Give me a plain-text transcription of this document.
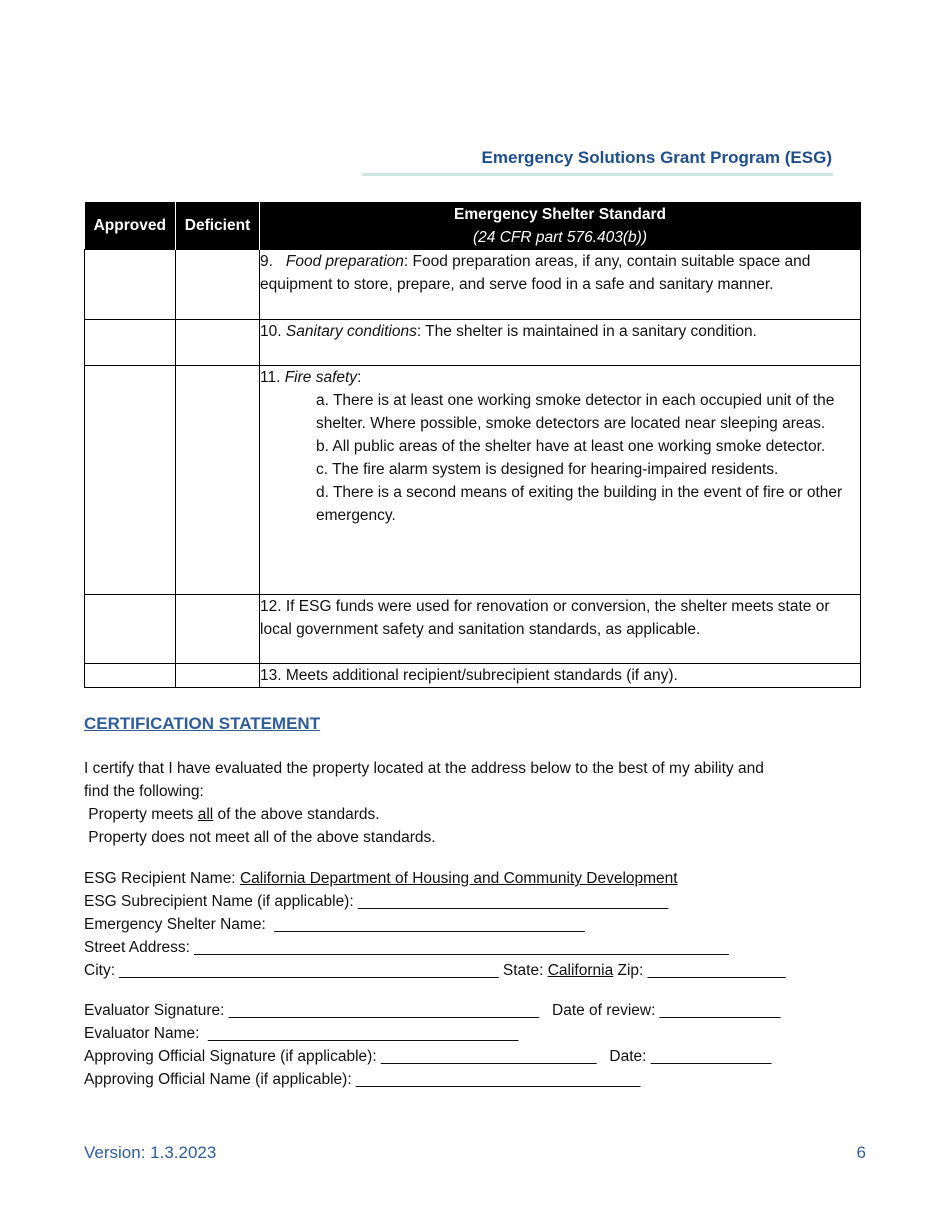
Emergency Solutions Grant Program (ESG)
Approved	Deficient	Emergency Shelter Standard
(24 CFR part 576.403(b))

		9.   Food preparation: Food preparation areas, if any, contain suitable space and equipment to store, prepare, and serve food in a safe and sanitary manner.
		10. Sanitary conditions: The shelter is maintained in a sanitary condition.

		11. Fire safety:
a. There is at least one working smoke detector in each occupied unit of the shelter. Where possible, smoke detectors are located near sleeping areas.
b. All public areas of the shelter have at least one working smoke detector.
c. The fire alarm system is designed for hearing-impaired residents.
d. There is a second means of exiting the building in the event of fire or other emergency.

		12. If ESG funds were used for renovation or conversion, the shelter meets state or local government safety and sanitation standards, as applicable.
		13. Meets additional recipient/subrecipient standards (if any).
CERTIFICATION STATEMENT
I certify that I have evaluated the property located at the address below to the best of my ability and
find the following:
Property meets all of the above standards.
Property does not meet all of the above standards.
ESG Recipient Name: California Department of Housing and Community Development
ESG Subrecipient Name (if applicable): ____________________________________
Emergency Shelter Name:  ____________________________________
Street Address: ______________________________________________________________
City: ____________________________________________ State: California Zip: ________________
Evaluator Signature: ____________________________________   Date of review: ______________
Evaluator Name:  ____________________________________
Approving Official Signature (if applicable): _________________________   Date: ______________
Approving Official Name (if applicable): _________________________________
Version: 1.3.2023	6
